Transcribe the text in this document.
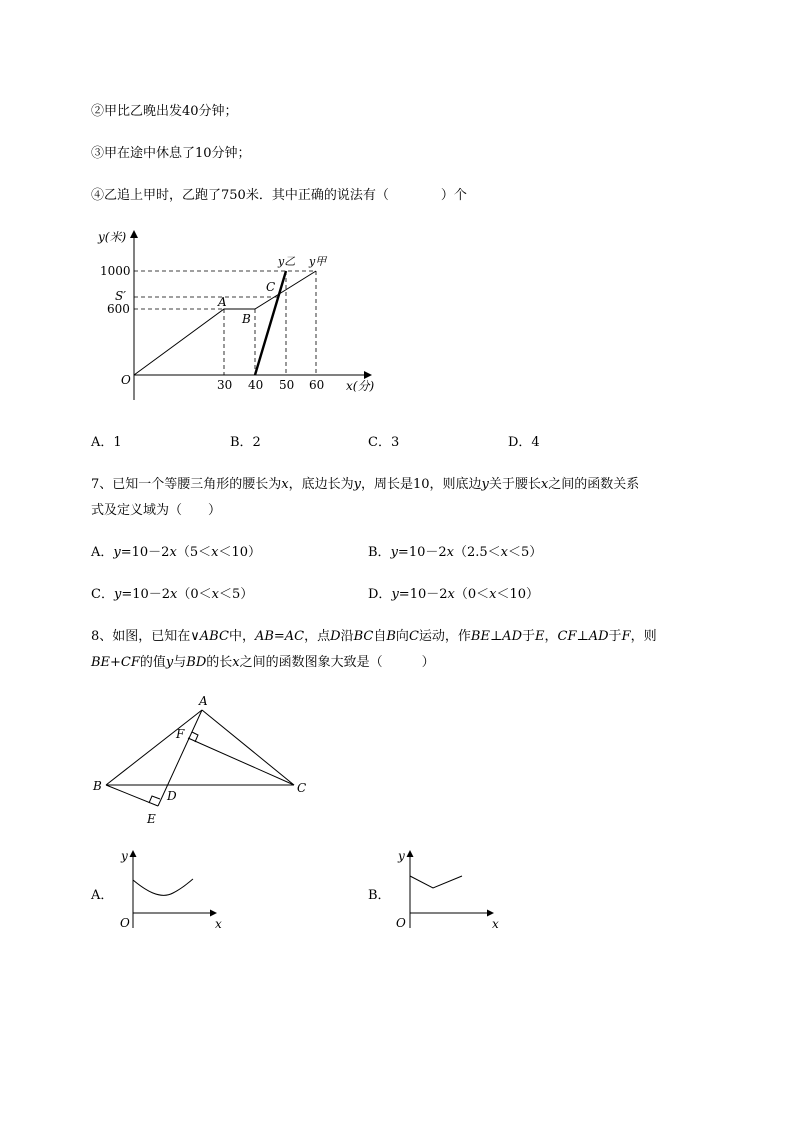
②甲比乙晚出发40分钟；
③甲在途中休息了10分钟；
④乙追上甲时，乙跑了750米．其中正确的说法有（　　　　）个
y(米)
1000
S′
600
O	30 40 50 60 x(分)
A
B
C
y乙 y甲
A．1	B．2	C．3	D．4
7、已知一个等腰三角形的腰长为x，底边长为y，周长是10，则底边y关于腰长x之间的函数关系
式及定义域为（　　）
A．y=10－2x（5＜x＜10）	B．y=10－2x（2.5＜x＜5）
C．y=10－2x（0＜x＜5）	D．y=10－2x（0＜x＜10）
8、如图，已知在∨ABC中，AB=AC，点D沿BC自B向C运动，作BE⊥AD于E，CF⊥AD于F，则
BE+CF的值y与BD的长x之间的函数图象大致是（　　　）
A
B	C
D
E
F
A．
y
O	x
B．
y
O	x
